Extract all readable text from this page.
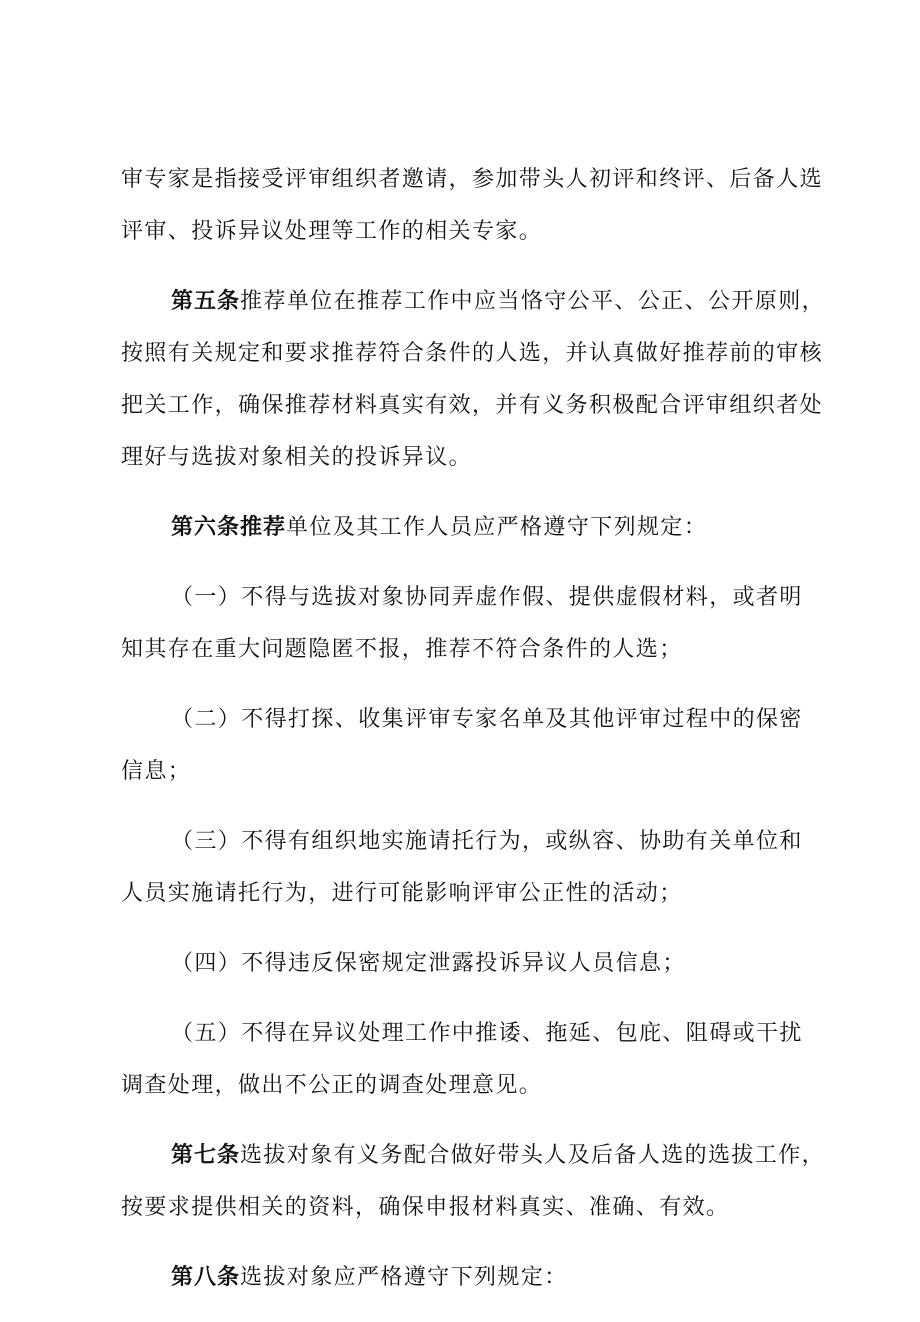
审专家是指接受评审组织者邀请，参加带头人初评和终评、后备人选
评审、投诉异议处理等工作的相关专家。

第五条推荐单位在推荐工作中应当恪守公平、公正、公开原则，
按照有关规定和要求推荐符合条件的人选，并认真做好推荐前的审核
把关工作，确保推荐材料真实有效，并有义务积极配合评审组织者处
理好与选拔对象相关的投诉异议。

第六条推荐单位及其工作人员应严格遵守下列规定：

（一）不得与选拔对象协同弄虚作假、提供虚假材料，或者明
知其存在重大问题隐匿不报，推荐不符合条件的人选；

（二）不得打探、收集评审专家名单及其他评审过程中的保密
信息；

（三）不得有组织地实施请托行为，或纵容、协助有关单位和
人员实施请托行为，进行可能影响评审公正性的活动；

（四）不得违反保密规定泄露投诉异议人员信息；

（五）不得在异议处理工作中推诿、拖延、包庇、阻碍或干扰
调查处理，做出不公正的调查处理意见。

第七条选拔对象有义务配合做好带头人及后备人选的选拔工作，
按要求提供相关的资料，确保申报材料真实、准确、有效。

第八条选拔对象应严格遵守下列规定：
